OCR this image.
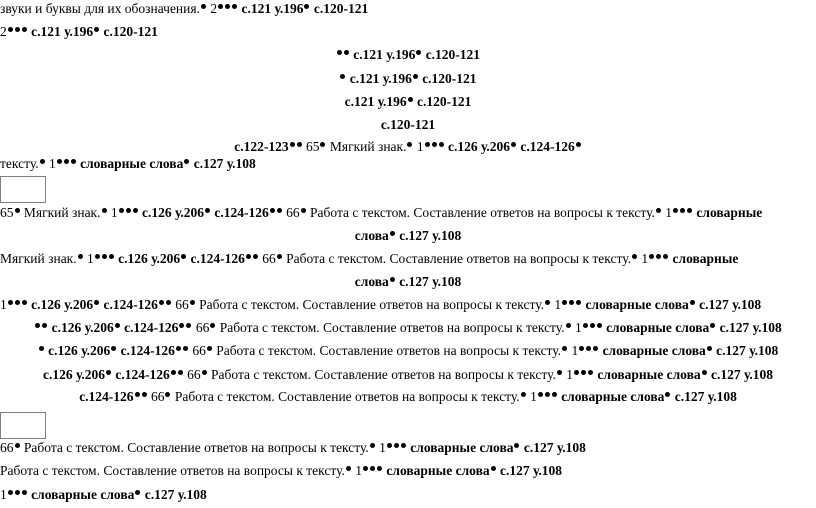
звуки и буквы для их обозначения. 2 с.121 у.196 с.120-121
2 с.121 у.196 с.120-121
с.121 у.196 с.120-121
с.121 у.196 с.120-121
с.121 у.196 с.120-121
с.120-121
с.122-123 65 Мягкий знак. 1 с.126 у.206 с.124-126
тексту. 1 словарные слова с.127 у.108
65 Мягкий знак. 1 с.126 у.206 с.124-126 66 Работа с текстом. Составление ответов на вопросы к тексту. 1 словарные
слова с.127 у.108
Мягкий знак. 1 с.126 у.206 с.124-126 66 Работа с текстом. Составление ответов на вопросы к тексту. 1 словарные
слова с.127 у.108
1 с.126 у.206 с.124-126 66 Работа с текстом. Составление ответов на вопросы к тексту. 1 словарные слова с.127 у.108
с.126 у.206 с.124-126 66 Работа с текстом. Составление ответов на вопросы к тексту. 1 словарные слова с.127 у.108
с.126 у.206 с.124-126 66 Работа с текстом. Составление ответов на вопросы к тексту. 1 словарные слова с.127 у.108
с.126 у.206 с.124-126 66 Работа с текстом. Составление ответов на вопросы к тексту. 1 словарные слова с.127 у.108
с.124-126 66 Работа с текстом. Составление ответов на вопросы к тексту. 1 словарные слова с.127 у.108
66 Работа с текстом. Составление ответов на вопросы к тексту. 1 словарные слова с.127 у.108
Работа с текстом. Составление ответов на вопросы к тексту. 1 словарные слова с.127 у.108
1 словарные слова с.127 у.108
